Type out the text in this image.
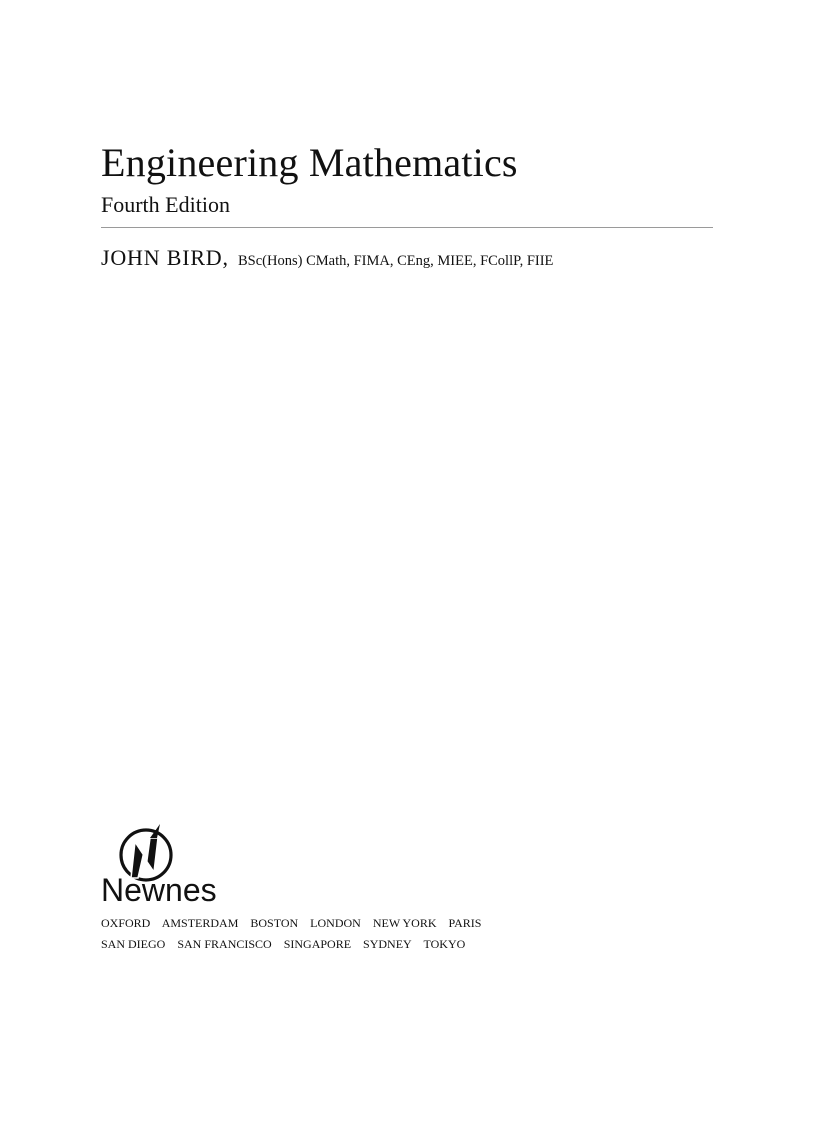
Engineering Mathematics
Fourth Edition
JOHN BIRD, BSc(Hons) CMath, FIMA, CEng, MIEE, FCollP, FIIE
Newnes
OXFORD AMSTERDAM BOSTON LONDON NEW YORK PARIS
SAN DIEGO SAN FRANCISCO SINGAPORE SYDNEY TOKYO
